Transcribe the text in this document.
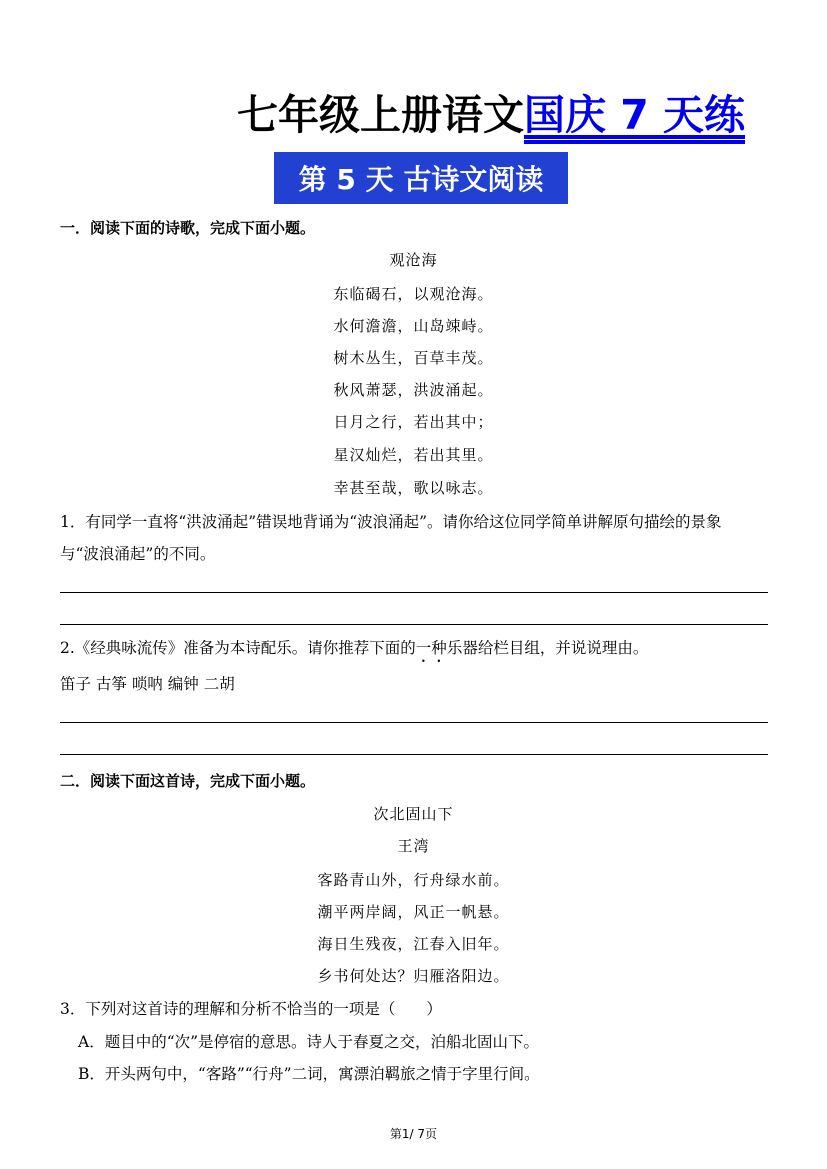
七年级上册语文国庆 7 天练
第 5 天 古诗文阅读
一．阅读下面的诗歌，完成下面小题。
观沧海
东临碣石，以观沧海。
水何澹澹，山岛竦峙。
树木丛生，百草丰茂。
秋风萧瑟，洪波涌起。
日月之行，若出其中；
星汉灿烂，若出其里。
幸甚至哉，歌以咏志。
1．有同学一直将“洪波涌起”错误地背诵为“波浪涌起”。请你给这位同学简单讲解原句描绘的景象
与“波浪涌起”的不同。
2.《经典咏流传》准备为本诗配乐。请你推荐下面的一种乐器给栏目组，并说说理由。
笛子 古筝 唢呐 编钟 二胡
二．阅读下面这首诗，完成下面小题。
次北固山下
王湾
客路青山外，行舟绿水前。
潮平两岸阔，风正一帆悬。
海日生残夜，江春入旧年。
乡书何处达？归雁洛阳边。
3．下列对这首诗的理解和分析不恰当的一项是（　　）
A．题目中的“次”是停宿的意思。诗人于春夏之交，泊船北固山下。
B．开头两句中，“客路”“行舟”二词，寓漂泊羁旅之情于字里行间。
第1/ 7页
